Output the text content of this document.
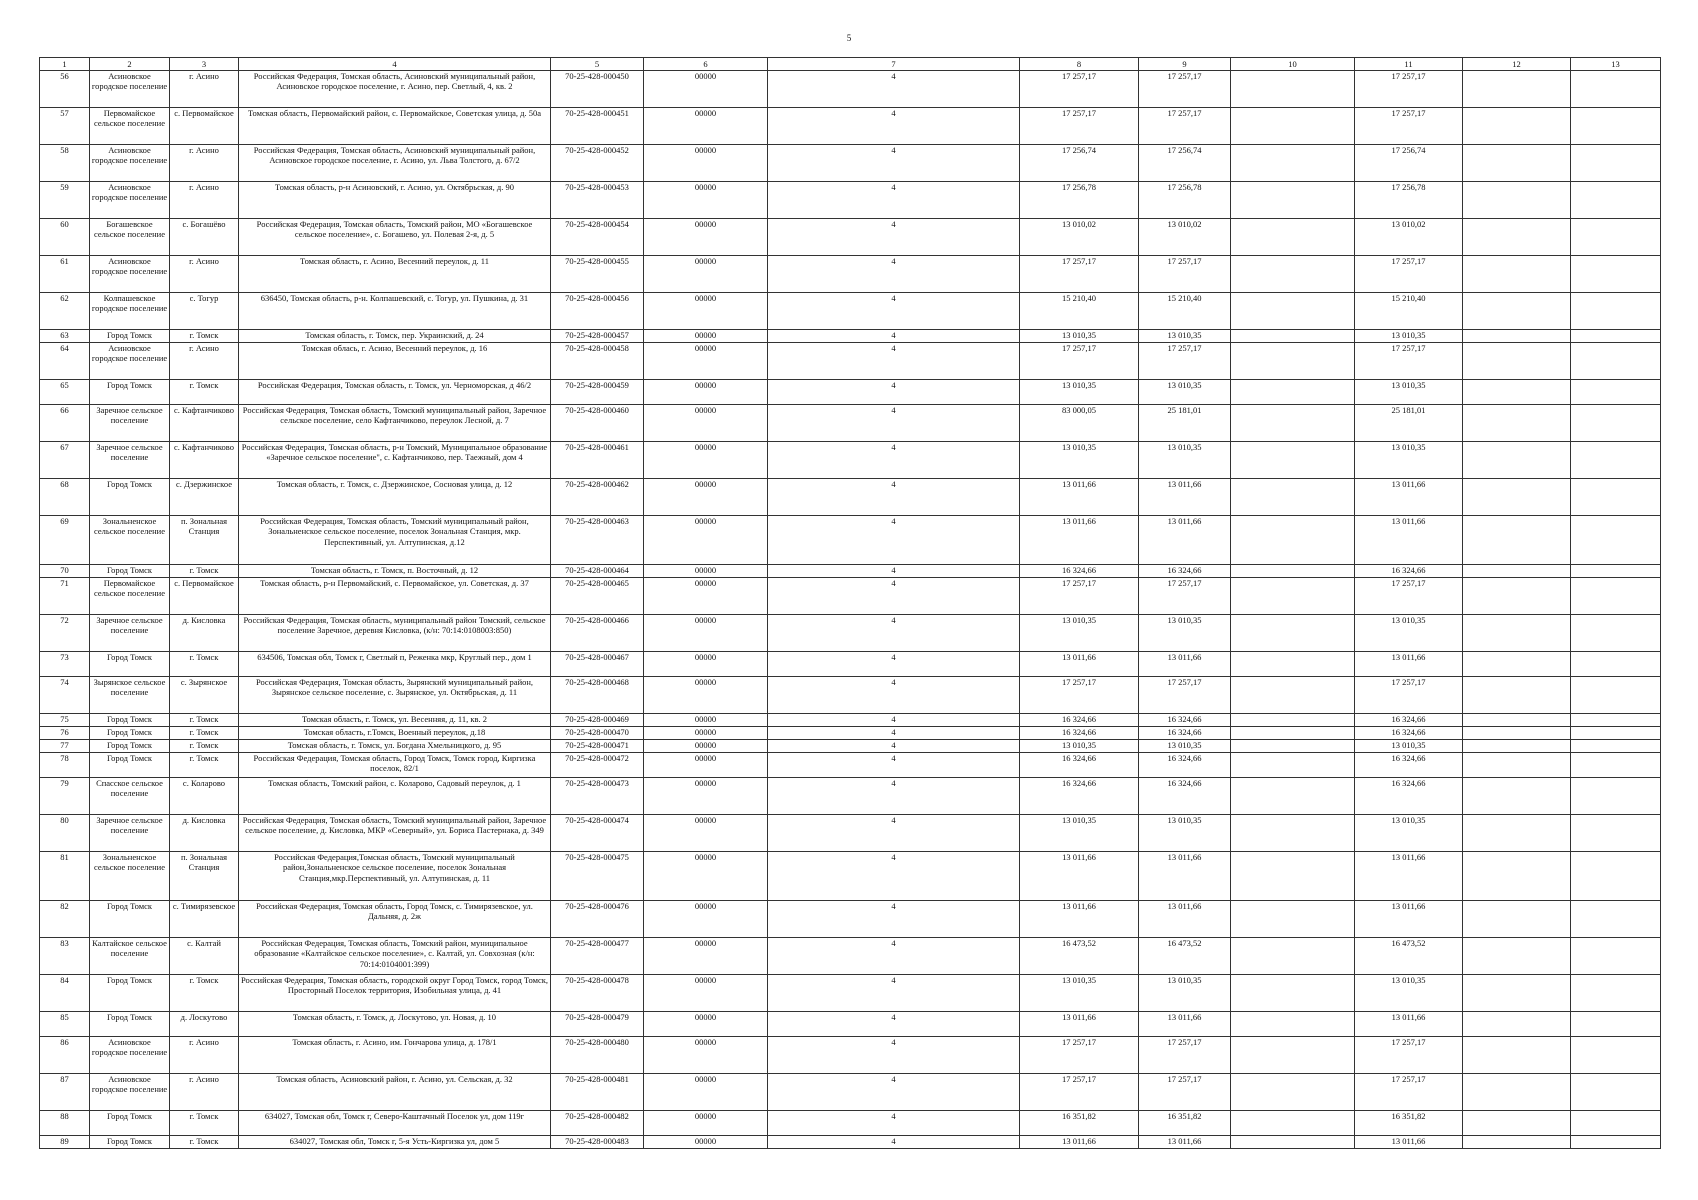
5
1	2	3	4	5	6	7	8	9	10	11	12	13
56	Асиновское городское поселение	г. Асино	Российская Федерация, Томская область, Асиновский муниципальный район, Асиновское городское поселение, г. Асино, пер. Светлый, 4, кв. 2	70-25-428-000450	00000	4	17 257,17	17 257,17		17 257,17		
57	Первомайское сельское поселение	с. Первомайское	Томская область, Первомайский район, с. Первомайское, Советская улица, д. 50а	70-25-428-000451	00000	4	17 257,17	17 257,17		17 257,17		
58	Асиновское городское поселение	г. Асино	Российская Федерация, Томская область, Асиновский муниципальный район, Асиновское городское поселение, г. Асино, ул. Льва Толстого, д. 67/2	70-25-428-000452	00000	4	17 256,74	17 256,74		17 256,74		
59	Асиновское городское поселение	г. Асино	Томская область, р-н Асиновский, г. Асино, ул. Октябрьская, д. 90	70-25-428-000453	00000	4	17 256,78	17 256,78		17 256,78		
60	Богашевское сельское поселение	с. Богашёво	Российская Федерация, Томская область, Томский район, МО «Богашевское сельское поселение», с. Богашево, ул. Полевая 2-я, д. 5	70-25-428-000454	00000	4	13 010,02	13 010,02		13 010,02		
61	Асиновское городское поселение	г. Асино	Томская область, г. Асино, Весенний переулок, д. 11	70-25-428-000455	00000	4	17 257,17	17 257,17		17 257,17		
62	Колпашевское городское поселение	с. Тогур	636450, Томская область, р-н. Колпашевский, с. Тогур, ул. Пушкина, д. 31	70-25-428-000456	00000	4	15 210,40	15 210,40		15 210,40		
63	Город Томск	г. Томск	Томская область, г. Томск, пер. Украинский, д. 24	70-25-428-000457	00000	4	13 010,35	13 010,35		13 010,35		
64	Асиновское городское поселение	г. Асино	Томская облась, г. Асино, Весенний переулок, д. 16	70-25-428-000458	00000	4	17 257,17	17 257,17		17 257,17		
65	Город Томск	г. Томск	Российская Федерация, Томская область, г. Томск, ул. Черноморская, д 46/2	70-25-428-000459	00000	4	13 010,35	13 010,35		13 010,35		
66	Заречное сельское поселение	с. Кафтанчиково	Российская Федерация, Томская область, Томский муниципальный район, Заречное сельское поселение, село Кафтанчиково, переулок Лесной, д. 7	70-25-428-000460	00000	4	83 000,05	25 181,01		25 181,01		
67	Заречное сельское поселение	с. Кафтанчиково	Российская Федерация, Томская область, р-н Томский, Муниципальное образование «Заречное сельское поселение", с. Кафтанчиково, пер. Таежный, дом 4	70-25-428-000461	00000	4	13 010,35	13 010,35		13 010,35		
68	Город Томск	с. Дзержинское	Томская область, г. Томск, с. Дзержинское, Сосновая улица, д. 12	70-25-428-000462	00000	4	13 011,66	13 011,66		13 011,66		
69	Зональненское сельское поселение	п. Зональная Станция	Российская Федерация, Томская область, Томский муниципальный район, Зональненское сельское поселение, поселок Зональная Станция, мкр. Перспективный, ул. Алтупинская, д.12	70-25-428-000463	00000	4	13 011,66	13 011,66		13 011,66		
70	Город Томск	г. Томск	Томская область, г. Томск, п. Восточный, д. 12	70-25-428-000464	00000	4	16 324,66	16 324,66		16 324,66		
71	Первомайское сельское поселение	с. Первомайское	Томская область, р-н Первомайский, с. Первомайское, ул. Советская, д. 37	70-25-428-000465	00000	4	17 257,17	17 257,17		17 257,17		
72	Заречное сельское поселение	д. Кисловка	Российская Федерация, Томская область, муниципальный район Томский, сельское поселение Заречное, деревня Кисловка, (к/н: 70:14:0108003:850)	70-25-428-000466	00000	4	13 010,35	13 010,35		13 010,35		
73	Город Томск	г. Томск	634506, Томская обл, Томск г, Светлый п, Реженка мкр, Круглый пер., дом 1	70-25-428-000467	00000	4	13 011,66	13 011,66		13 011,66		
74	Зырянское сельское поселение	с. Зырянское	Российская Федерация, Томская область, Зырянский муниципальный район, Зырянское сельское поселение, с. Зырянское, ул. Октябрьская, д. 11	70-25-428-000468	00000	4	17 257,17	17 257,17		17 257,17		
75	Город Томск	г. Томск	Томская область, г. Томск, ул. Весенняя, д. 11, кв. 2	70-25-428-000469	00000	4	16 324,66	16 324,66		16 324,66		
76	Город Томск	г. Томск	Томская область, г.Томск, Военный переулок, д.18	70-25-428-000470	00000	4	16 324,66	16 324,66		16 324,66		
77	Город Томск	г. Томск	Томская область, г. Томск, ул. Богдана Хмельницкого, д. 95	70-25-428-000471	00000	4	13 010,35	13 010,35		13 010,35		
78	Город Томск	г. Томск	Российская Федерация, Томская область, Город Томск, Томск город, Киргизка поселок, 82/1	70-25-428-000472	00000	4	16 324,66	16 324,66		16 324,66		
79	Спасское сельское поселение	с. Коларово	Томская область, Томский район, с. Коларово, Садовый переулок, д. 1	70-25-428-000473	00000	4	16 324,66	16 324,66		16 324,66		
80	Заречное сельское поселение	д. Кисловка	Российская Федерация, Томская область, Томский муниципальный район, Заречное сельское поселение, д. Кисловка, МКР «Северный», ул. Бориса Пастернака, д. 349	70-25-428-000474	00000	4	13 010,35	13 010,35		13 010,35		
81	Зональненское сельское поселение	п. Зональная Станция	Российская Федерация,Томская область, Томский муниципальный район,Зональненское сельское поселение, поселок Зональная Станция,мкр.Перспективный, ул. Алтупинская, д. 11	70-25-428-000475	00000	4	13 011,66	13 011,66		13 011,66		
82	Город Томск	с. Тимирязевское	Российская Федерация, Томская область, Город Томск, с. Тимирязевское, ул. Дальняя, д. 2ж	70-25-428-000476	00000	4	13 011,66	13 011,66		13 011,66		
83	Калтайское сельское поселение	с. Калтай	Российская Федерация, Томская область, Томский район, муниципальное образование «Калтайское сельское поселение», с. Калтай, ул. Совхозная (к/н: 70:14:0104001:399)	70-25-428-000477	00000	4	16 473,52	16 473,52		16 473,52		
84	Город Томск	г. Томск	Российская Федерация, Томская область, городской округ Город Томск, город Томск, Просторный Поселок территория, Изобильная улица, д. 41	70-25-428-000478	00000	4	13 010,35	13 010,35		13 010,35		
85	Город Томск	д. Лоскутово	Томская область, г. Томск, д. Лоскутово, ул. Новая, д. 10	70-25-428-000479	00000	4	13 011,66	13 011,66		13 011,66		
86	Асиновское городское поселение	г. Асино	Томская область, г. Асино, им. Гончарова улица, д. 178/1	70-25-428-000480	00000	4	17 257,17	17 257,17		17 257,17		
87	Асиновское городское поселение	г. Асино	Томская область, Асиновский район, г. Асино, ул. Сельская, д. 32	70-25-428-000481	00000	4	17 257,17	17 257,17		17 257,17		
88	Город Томск	г. Томск	634027, Томская обл, Томск г, Северо-Каштачный Поселок ул, дом 119г	70-25-428-000482	00000	4	16 351,82	16 351,82		16 351,82		
89	Город Томск	г. Томск	634027, Томская обл, Томск г, 5-я Усть-Киргизка ул, дом 5	70-25-428-000483	00000	4	13 011,66	13 011,66		13 011,66		
